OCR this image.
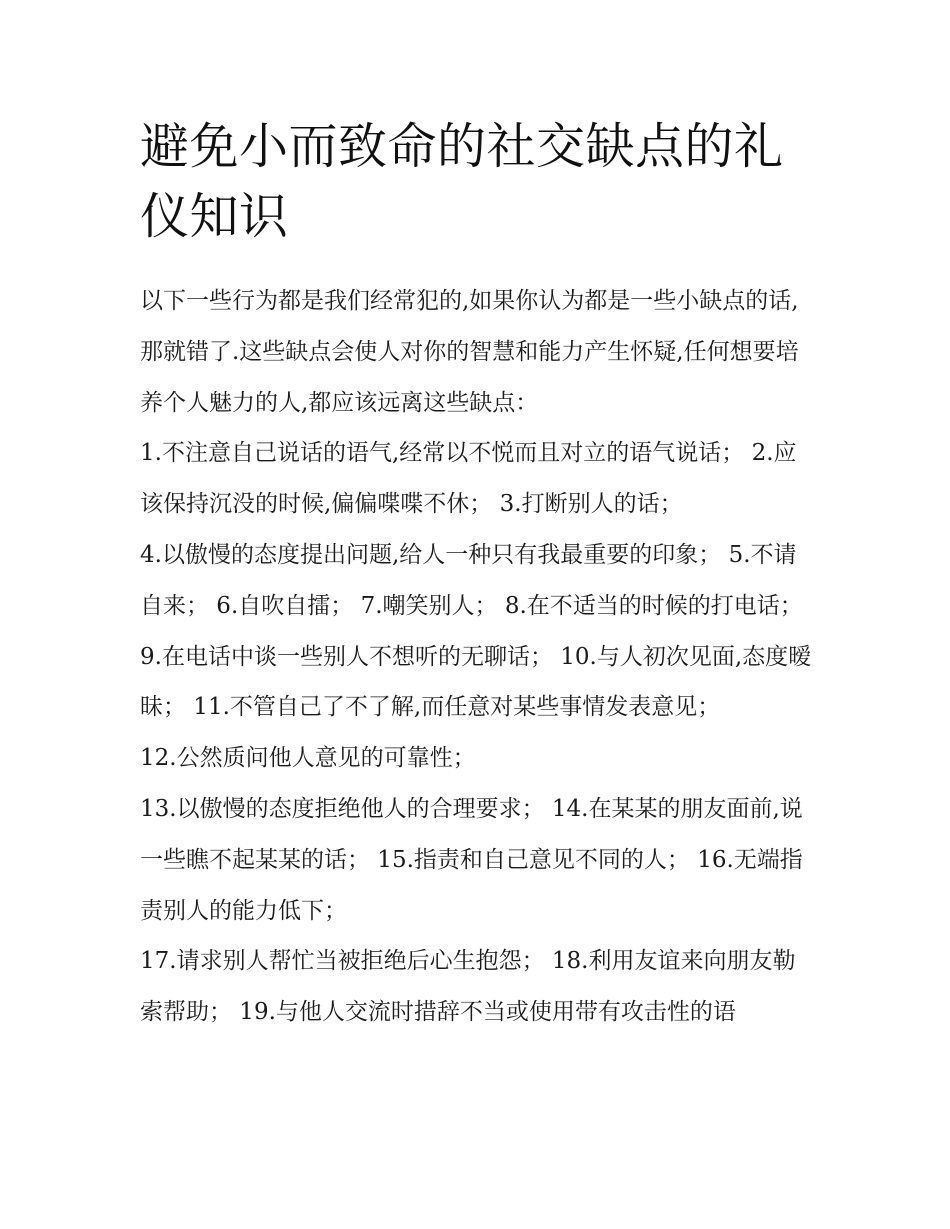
避免小而致命的社交缺点的礼仪知识

以下一些行为都是我们经常犯的,如果你认为都是一些小缺点的话,那就错了.这些缺点会使人对你的智慧和能力产生怀疑,任何想要培养个人魅力的人,都应该远离这些缺点：

1.不注意自己说话的语气,经常以不悦而且对立的语气说话； 2.应该保持沉没的时候,偏偏喋喋不休； 3.打断别人的话；

4.以傲慢的态度提出问题,给人一种只有我最重要的印象； 5.不请自来； 6.自吹自擂； 7.嘲笑别人； 8.在不适当的时候的打电话；

9.在电话中谈一些别人不想听的无聊话； 10.与人初次见面,态度暧昧； 11.不管自己了不了解,而任意对某些事情发表意见；

12.公然质问他人意见的可靠性；

13.以傲慢的态度拒绝他人的合理要求； 14.在某某的朋友面前,说一些瞧不起某某的话； 15.指责和自己意见不同的人； 16.无端指责别人的能力低下；

17.请求别人帮忙当被拒绝后心生抱怨； 18.利用友谊来向朋友勒索帮助； 19.与他人交流时措辞不当或使用带有攻击性的语
